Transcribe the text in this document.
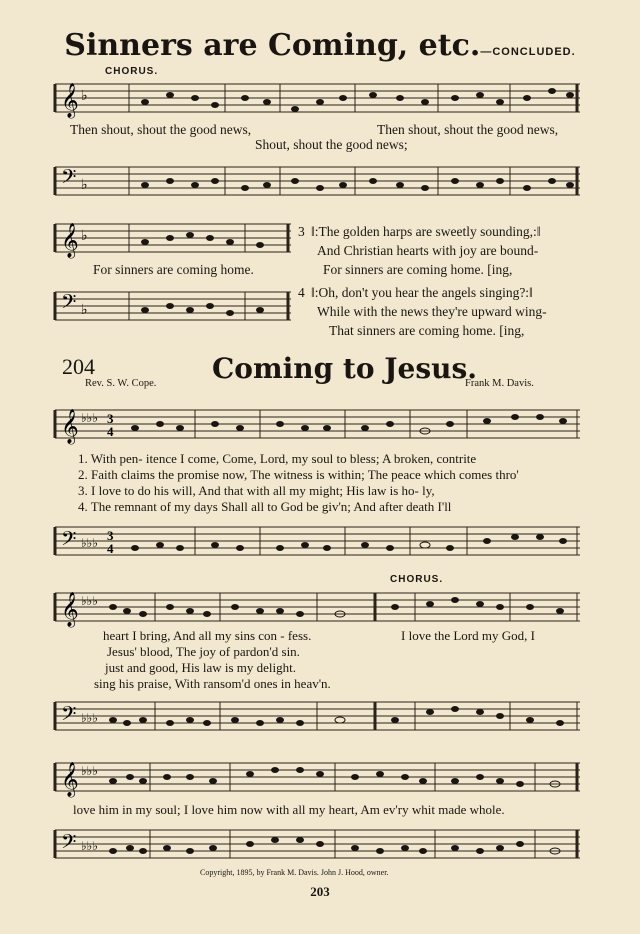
Sinners are Coming, etc.—CONCLUDED.
CHORUS.
𝄞 ♭
Then shout, shout the good news,	Then shout, shout the good news,
Shout, shout the good news;
𝄢 ♭
𝄞 ♭
For sinners are coming home.
𝄢 ♭
3 ‖:The golden harps are sweetly sounding,:‖
And Christian hearts with joy are bound-
For sinners are coming home. [ing,
4 ‖:Oh, don't you hear the angels singing?:‖
While with the news they're upward wing-
That sinners are coming home. [ing,
204	Coming to Jesus.
Rev. S. W. Cope.	Frank M. Davis.
𝄞 ♭♭♭ 3
4
1. With pen- itence I come, Come, Lord, my soul to bless; A broken, contrite
2. Faith claims the promise now, The witness is within; The peace which comes thro'
3. I love to do his will, And that with all my might; His law is ho- ly,
4. The remnant of my days Shall all to God be giv'n; And after death I'll
𝄢 ♭♭♭ 3
4
CHORUS.
𝄞 ♭♭♭
heart I bring, And all my sins con - fess.
Jesus' blood, The joy of pardon'd sin.
just and good, His law is my delight.
sing his praise, With ransom'd ones in heav'n.
I love the Lord my God, I
𝄢 ♭♭♭
𝄞 ♭♭♭
love him in my soul; I love him now with all my heart, Am ev'ry whit made whole.
𝄢 ♭♭♭
Copyright, 1895, by Frank M. Davis. John J. Hood, owner.
203
